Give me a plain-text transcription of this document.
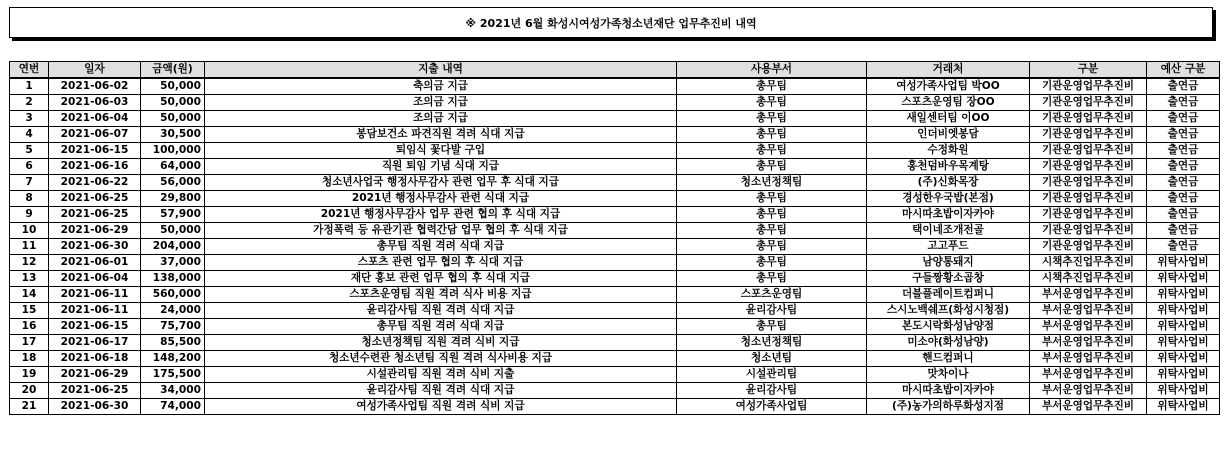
※ 2021년 6월 화성시여성가족청소년재단 업무추진비 내역
연번	일자	금액(원)	지출 내역	사용부서	거래처	구분	예산 구분
1	2021-06-02	50,000	축의금 지급	총무팀	여성가족사업팀 박OO	기관운영업무추진비	출연금
2	2021-06-03	50,000	조의금 지급	총무팀	스포츠운영팀 장OO	기관운영업무추진비	출연금
3	2021-06-04	50,000	조의금 지급	총무팀	새일센터팀 이OO	기관운영업무추진비	출연금
4	2021-06-07	30,500	봉담보건소 파견직원 격려 식대 지급	총무팀	인더비엣봉담	기관운영업무추진비	출연금
5	2021-06-15	100,000	퇴임식 꽃다발 구입	총무팀	수정화원	기관운영업무추진비	출연금
6	2021-06-16	64,000	직원 퇴임 기념 식대 지급	총무팀	홍천덤바우목계탕	기관운영업무추진비	출연금
7	2021-06-22	56,000	청소년사업국 행정사무감사 관련 업무 후 식대 지급	청소년정책팀	(주)신화목장	기관운영업무추진비	출연금
8	2021-06-25	29,800	2021년 행정사무감사 관련 식대 지급	총무팀	경성한우국밥(본점)	기관운영업무추진비	출연금
9	2021-06-25	57,900	2021년 행정사무감사 업무 관련 협의 후 식대 지급	총무팀	마시따초밥이자카야	기관운영업무추진비	출연금
10	2021-06-29	50,000	가정폭력 등 유관기관 협력간담 업무 협의 후 식대 지급	총무팀	택이네조개전골	기관운영업무추진비	출연금
11	2021-06-30	204,000	총무팀 직원 격려 식대 지급	총무팀	고고푸드	기관운영업무추진비	출연금
12	2021-06-01	37,000	스포츠 관련 업무 협의 후 식대 지급	총무팀	남양통돼지	시책추진업무추진비	위탁사업비
13	2021-06-04	138,000	재단 홍보 관련 업무 협의 후 식대 지급	총무팀	구들짱황소곱창	시책추진업무추진비	위탁사업비
14	2021-06-11	560,000	스포츠운영팀 직원 격려 식사 비용 지급	스포츠운영팀	더블플레이트컴퍼니	부서운영업무추진비	위탁사업비
15	2021-06-11	24,000	윤리감사팀 직원 격려 식대 지급	윤리감사팀	스시노백쉐프(화성시청점)	부서운영업무추진비	위탁사업비
16	2021-06-15	75,700	총무팀 직원 격려 식대 지급	총무팀	본도시락화성남양점	부서운영업무추진비	위탁사업비
17	2021-06-17	85,500	청소년정책팀 직원 격려 식비 지급	청소년정책팀	미소야(화성남양)	부서운영업무추진비	위탁사업비
18	2021-06-18	148,200	청소년수련관 청소년팀 직원 격려 식사비용 지급	청소년팀	핸드컴퍼니	부서운영업무추진비	위탁사업비
19	2021-06-29	175,500	시설관리팀 직원 격려 식비 지출	시설관리팀	맛차이나	부서운영업무추진비	위탁사업비
20	2021-06-25	34,000	윤리감사팀 직원 격려 식대 지급	윤리감사팀	마시따초밥이자카야	부서운영업무추진비	위탁사업비
21	2021-06-30	74,000	여성가족사업팀 직원 격려 식비 지급	여성가족사업팀	(주)농가의하루화성지점	부서운영업무추진비	위탁사업비
